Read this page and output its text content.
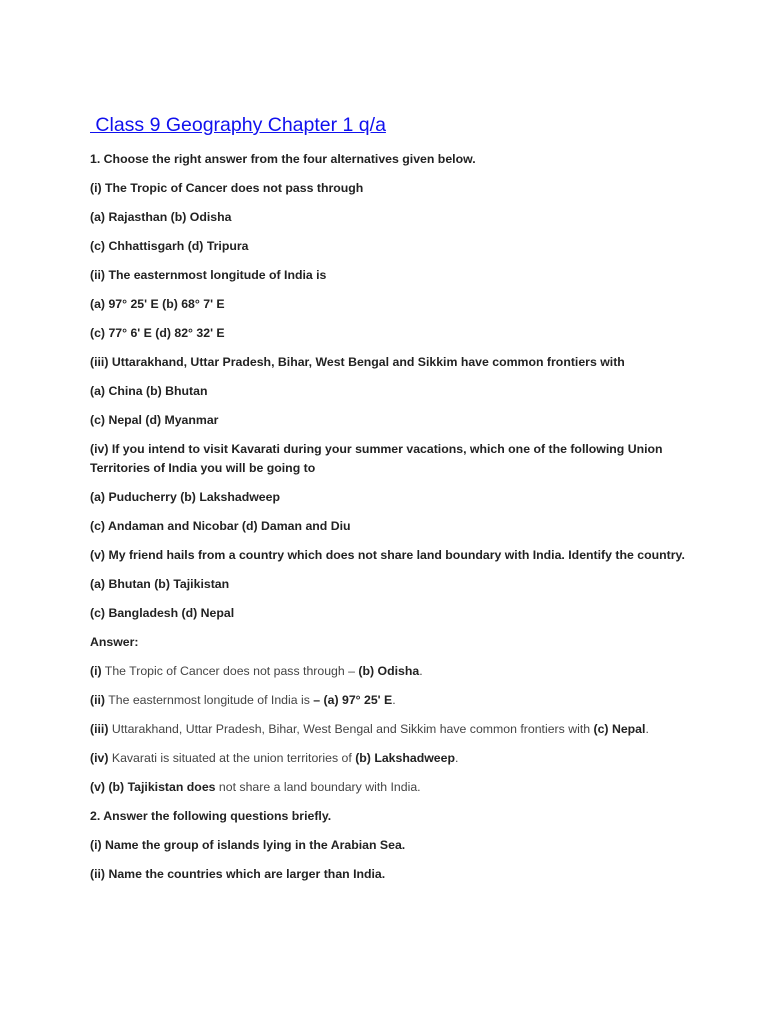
Class 9 Geography Chapter 1 q/a

1. Choose the right answer from the four alternatives given below.

(i) The Tropic of Cancer does not pass through

(a) Rajasthan (b) Odisha

(c) Chhattisgarh (d) Tripura

(ii) The easternmost longitude of India is

(a) 97° 25' E (b) 68° 7' E

(c) 77° 6' E (d) 82° 32' E

(iii) Uttarakhand, Uttar Pradesh, Bihar, West Bengal and Sikkim have common frontiers with

(a) China (b) Bhutan

(c) Nepal (d) Myanmar

(iv) If you intend to visit Kavarati during your summer vacations, which one of the following Union Territories of India you will be going to

(a) Puducherry (b) Lakshadweep

(c) Andaman and Nicobar (d) Daman and Diu

(v) My friend hails from a country which does not share land boundary with India. Identify the country.

(a) Bhutan (b) Tajikistan

(c) Bangladesh (d) Nepal

Answer:

(i) The Tropic of Cancer does not pass through – (b) Odisha.

(ii) The easternmost longitude of India is – (a) 97° 25' E.

(iii) Uttarakhand, Uttar Pradesh, Bihar, West Bengal and Sikkim have common frontiers with (c) Nepal.

(iv) Kavarati is situated at the union territories of (b) Lakshadweep.

(v) (b) Tajikistan does not share a land boundary with India.

2. Answer the following questions briefly.

(i) Name the group of islands lying in the Arabian Sea.

(ii) Name the countries which are larger than India.
